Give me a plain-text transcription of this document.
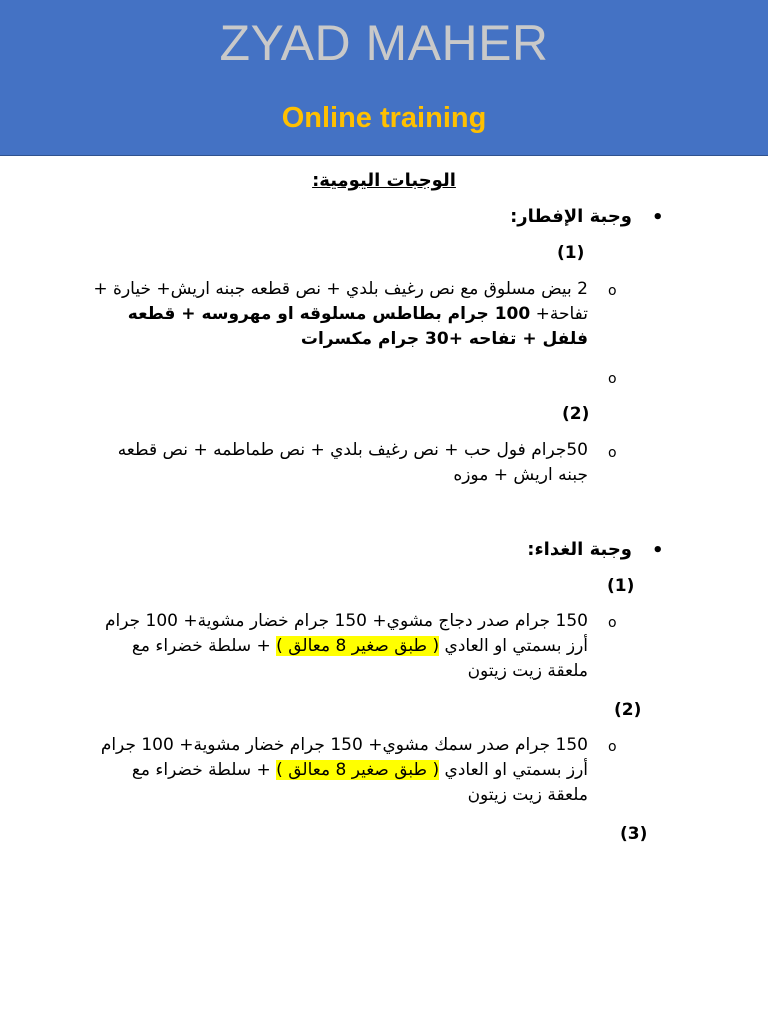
ZYAD MAHER
Online training
الوجبات اليومية:
•
وجبة الإفطار:
(1)
o
2 بيض مسلوق مع نص رغيف بلدي + نص قطعه جبنه اريش+ خيارة + تفاحة+ 100 جرام بطاطس مسلوقه او مهروسه + قطعه فلفل + تفاحه +30 جرام مكسرات
o
(2)
o
50جرام فول حب + نص رغيف بلدي + نص طماطمه + نص قطعه جبنه اريش + موزه
•
وجبة الغداء:
(1)
o
150 جرام صدر دجاج مشوي+ 150 جرام خضار مشوية+ 100 جرام أرز بسمتي او العادي ( طبق صغير 8 معالق ) + سلطة خضراء مع ملعقة زيت زيتون
(2)
o
150 جرام صدر سمك مشوي+ 150 جرام خضار مشوية+ 100 جرام أرز بسمتي او العادي ( طبق صغير 8 معالق ) + سلطة خضراء مع ملعقة زيت زيتون
(3)
